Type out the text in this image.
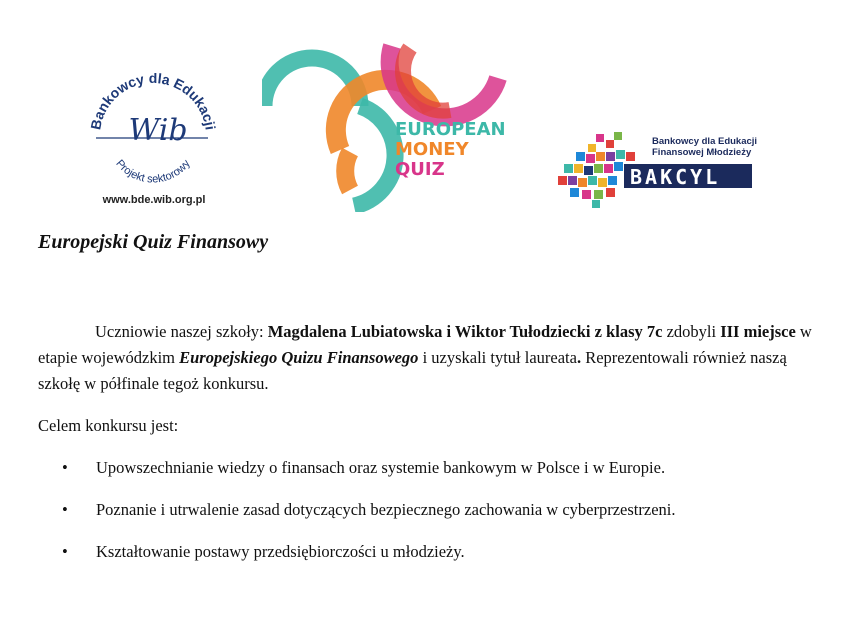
Bankowcy dla Edukacji
Projekt sektorowy
Wib
www.bde.wib.org.pl
EUROPEAN
MONEY
QUIZ
Bankowcy dla Edukacji
Finansowej Młodzieży
BAKCYL
Europejski Quiz Finansowy

Uczniowie naszej szkoły: Magdalena Lubiatowska i Wiktor Tułodziecki z klasy 7c zdobyli III miejsce w etapie wojewódzkim Europejskiego Quizu Finansowego i uzyskali tytuł laureata. Reprezentowali również naszą szkołę w półfinale tegoż konkursu.

Celem konkursu jest:

• Upowszechnianie wiedzy o finansach oraz systemie bankowym w Polsce i w Europie.
• Poznanie i utrwalenie zasad dotyczących bezpiecznego zachowania w cyberprzestrzeni.
• Kształtowanie postawy przedsiębiorczości u młodzieży.
